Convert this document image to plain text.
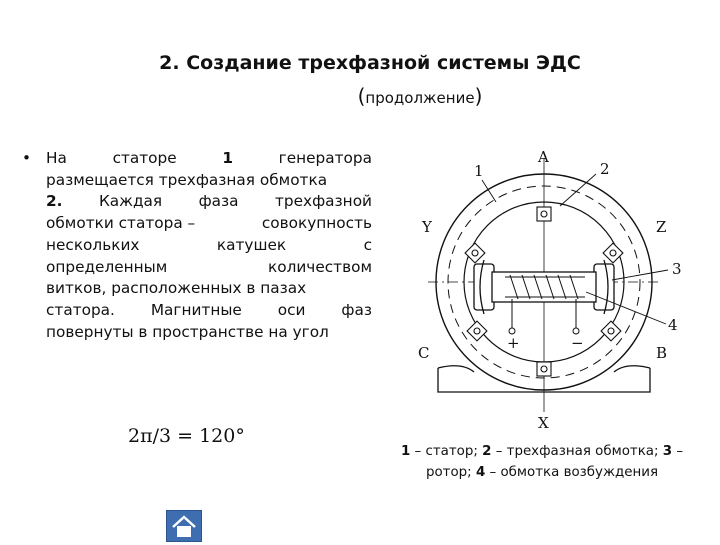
2. Создание трехфазной системы ЭДС
(продолжение)
• На	статоре	1	генератора
размещается трехфазная обмотка
2. Каждая фаза трехфазной
обмотки статора –	совокупность
нескольких	катушек	с
определенным	количеством
витков, расположенных в пазах
статора. Магнитные оси фаз
повернуты в пространстве на угол
2π/3 = 120°
A
X
Y	Z
C	B
1	2
3
4
+	−
1 – статор; 2 – трехфазная обмотка; 3 – ротор; 4 – обмотка возбуждения
